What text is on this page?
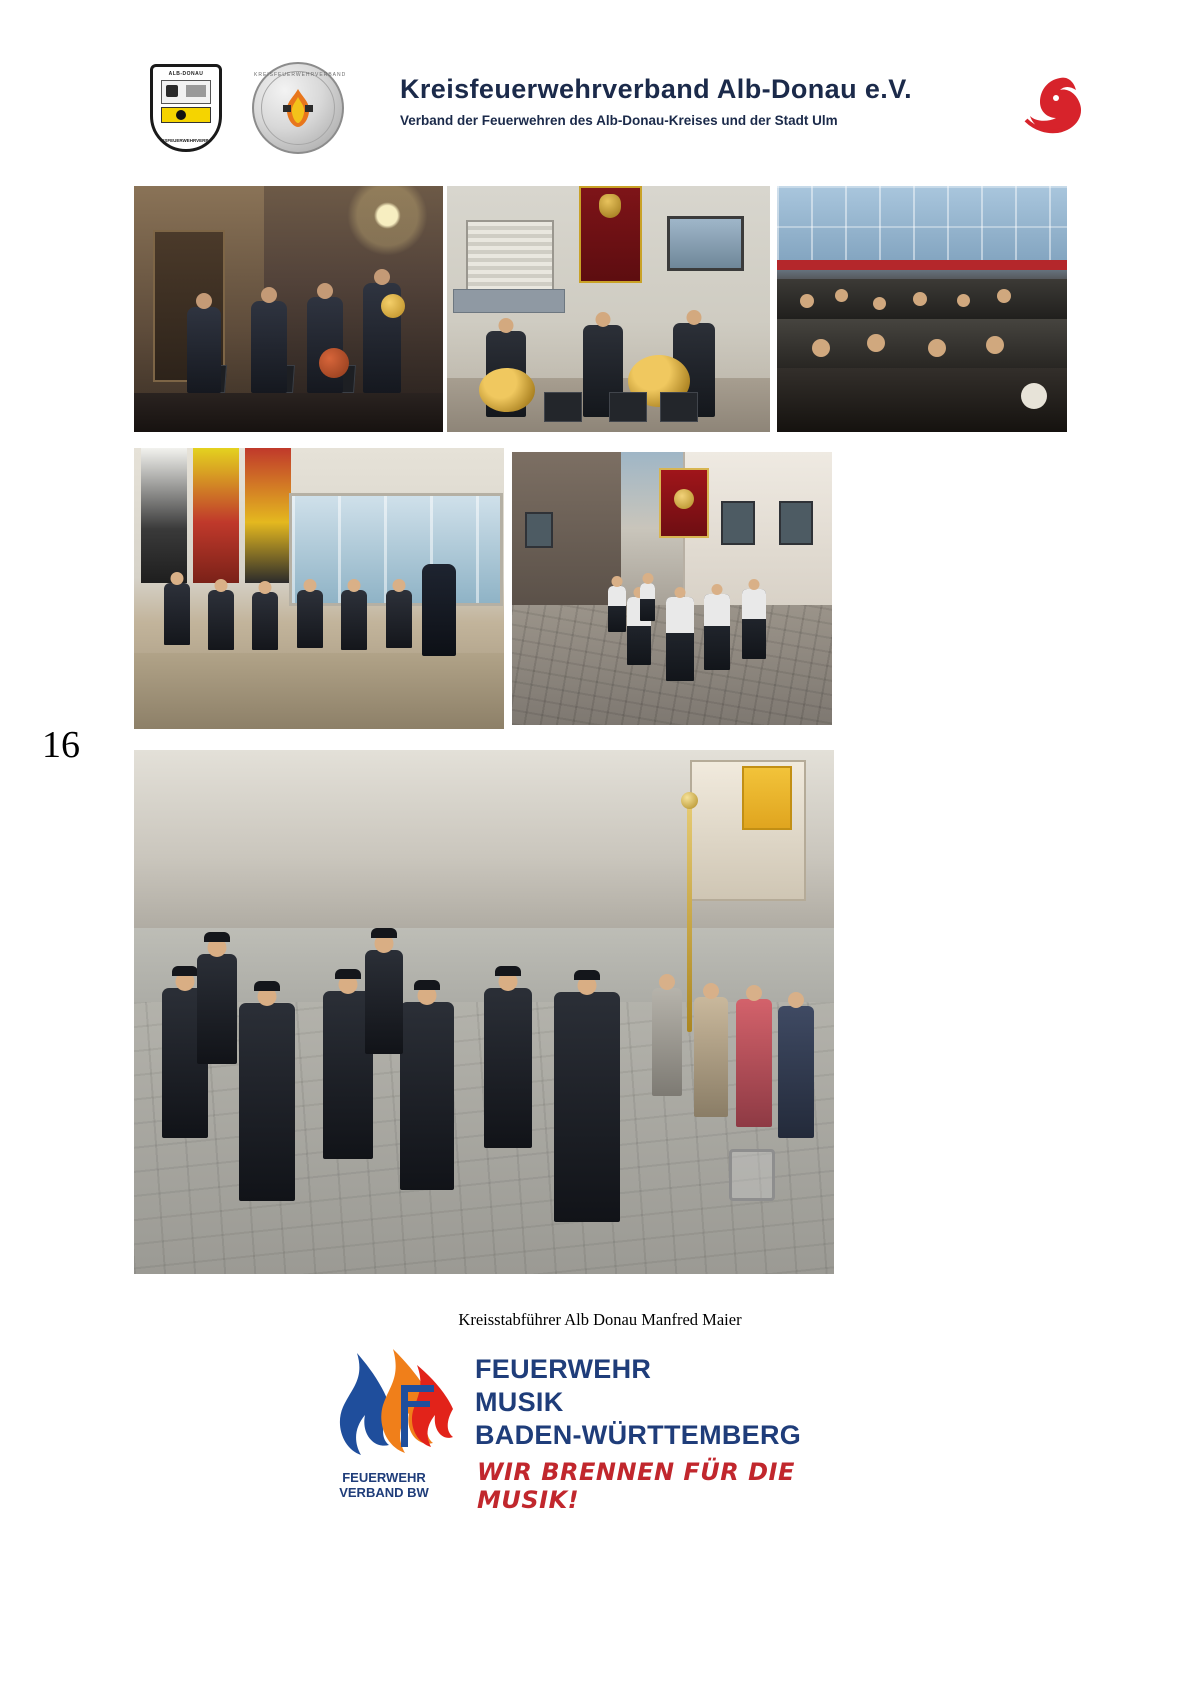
ALB-DONAU
KREISFEUERWEHRVERBAND
KREISFEUERWEHRVERBAND Kreisfeuerwehrverband Alb-Donau e.V.
Verband der Feuerwehren des Alb-Donau-Kreises und der Stadt Ulm
16
Kreisstabführer Alb Donau Manfred Maier
FEUERWEHR
VERBAND BW
FEUERWEHR
MUSIK
BADEN-WÜRTTEMBERG
WIR BRENNEN FÜR DIE MUSIK!
